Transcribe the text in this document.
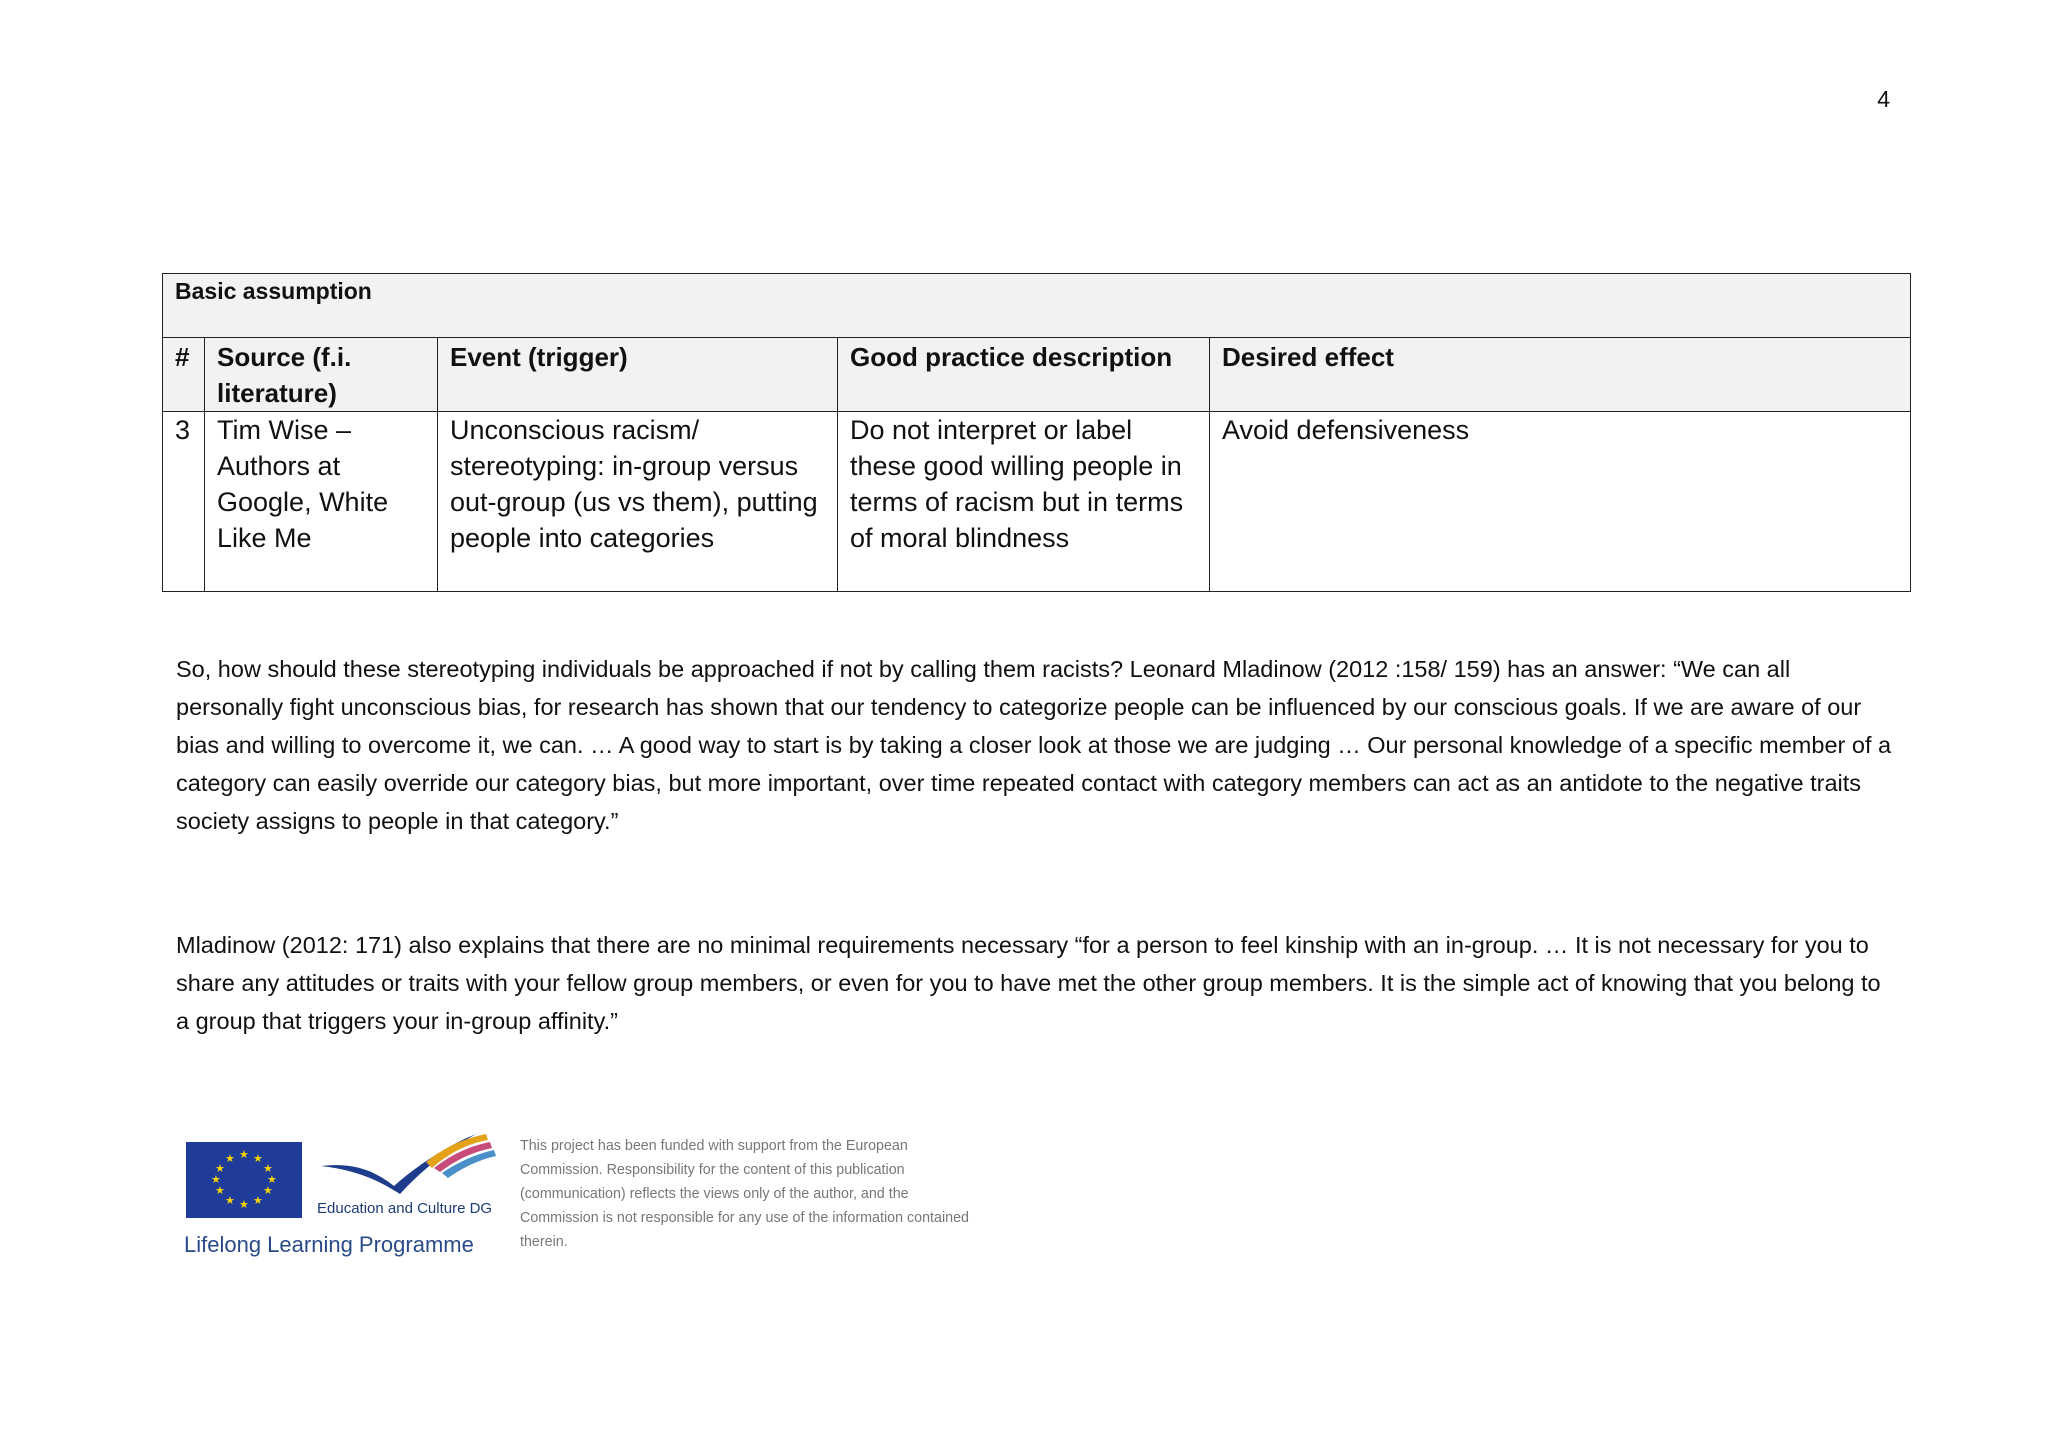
4
Basic assumption				
#	Source (f.i. literature)	Event (trigger)	Good practice description	Desired effect
3	Tim Wise – Authors at Google, White Like Me	Unconscious racism/ stereotyping: in-group versus out-group (us vs them), putting people into categories	Do not interpret or label these good willing people in terms of racism but in terms of moral blindness	Avoid defensiveness

So, how should these stereotyping individuals be approached if not by calling them racists? Leonard Mladinow (2012 :158/ 159) has an answer: “We can all personally fight unconscious bias, for research has shown that our tendency to categorize people can be influenced by our conscious goals. If we are aware of our bias and willing to overcome it, we can. … A good way to start is by taking a closer look at those we are judging … Our personal knowledge of a specific member of a category can easily override our category bias, but more important, over time repeated contact with category members can act as an antidote to the negative traits society assigns to people in that category.”

Mladinow (2012: 171) also explains that there are no minimal requirements necessary “for a person to feel kinship with an in-group. … It is not necessary for you to share any attitudes or traits with your fellow group members, or even for you to have met the other group members. It is the simple act of knowing that you belong to a group that triggers your in-group affinity.”

★ ★
★
★
★
★
★
★
★
★
★
★
Education and Culture DG
Lifelong Learning Programme
This project has been funded with support from the European Commission. Responsibility for the content of this publication (communication) reflects the views only of the author, and the Commission is not responsible for any use of the information contained therein.
